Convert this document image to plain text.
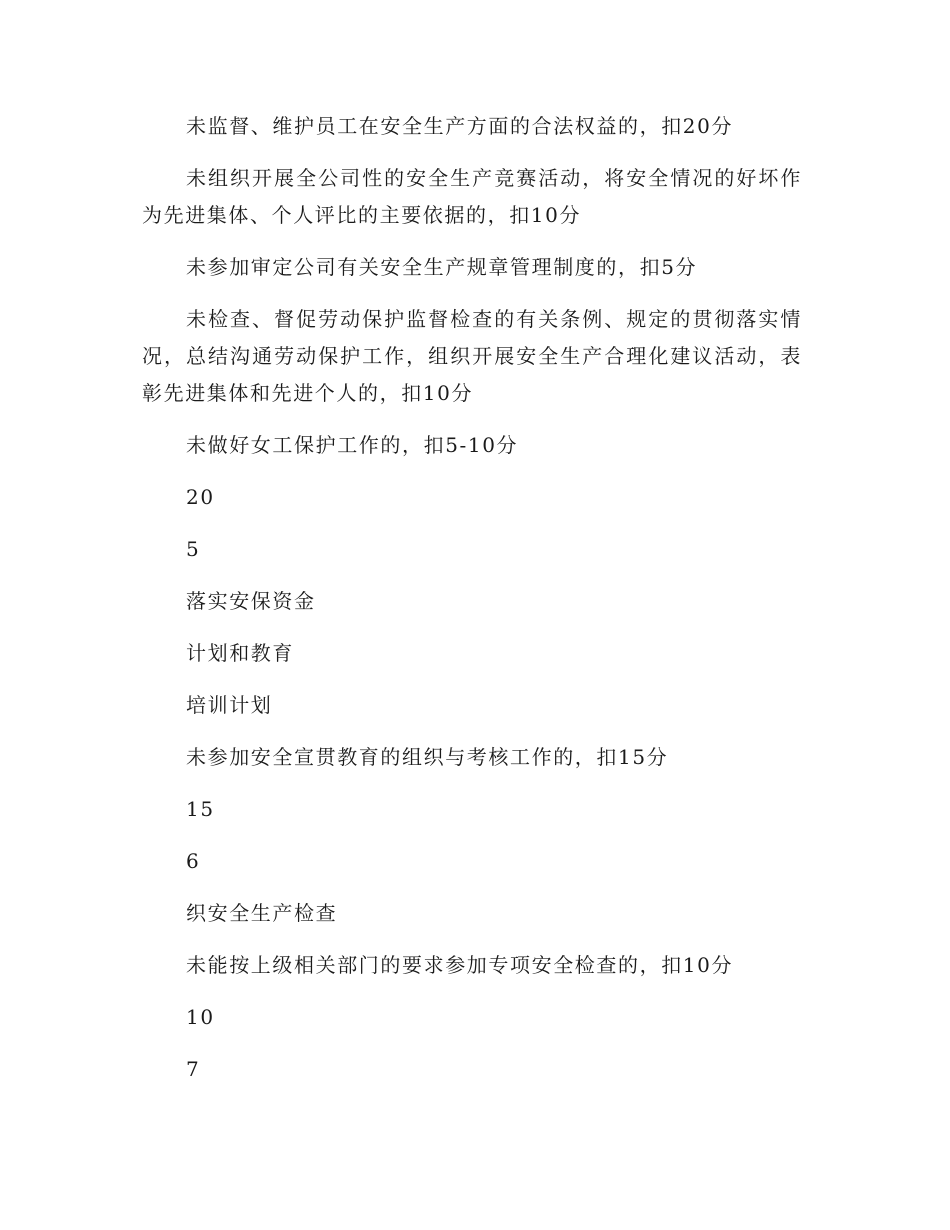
未监督、维护员工在安全生产方面的合法权益的，扣20分

未组织开展全公司性的安全生产竞赛活动，将安全情况的好坏作为先进集体、个人评比的主要依据的，扣10分

未参加审定公司有关安全生产规章管理制度的，扣5分

未检查、督促劳动保护监督检查的有关条例、规定的贯彻落实情况，总结沟通劳动保护工作，组织开展安全生产合理化建议活动，表彰先进集体和先进个人的，扣10分

未做好女工保护工作的，扣5-10分

20

5

落实安保资金

计划和教育

培训计划

未参加安全宣贯教育的组织与考核工作的，扣15分

15

6

织安全生产检查

未能按上级相关部门的要求参加专项安全检查的，扣10分

10

7
